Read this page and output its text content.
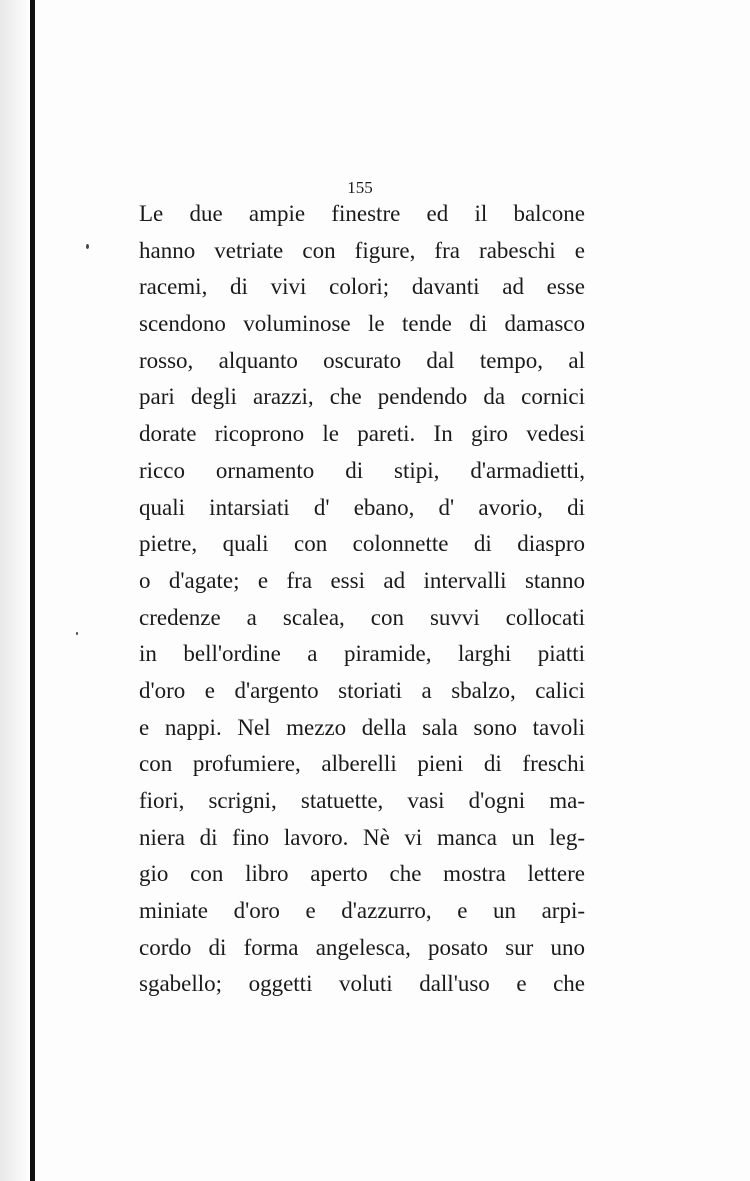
155
Le due ampie finestre ed il balcone
hanno vetriate con figure, fra rabeschi e
racemi, di vivi colori; davanti ad esse
scendono voluminose le tende di damasco
rosso, alquanto oscurato dal tempo, al
pari degli arazzi, che pendendo da cornici
dorate ricoprono le pareti. In giro vedesi
ricco ornamento di stipi, d'armadietti,
quali intarsiati d' ebano, d' avorio, di
pietre, quali con colonnette di diaspro
o d'agate; e fra essi ad intervalli stanno
credenze a scalea, con suvvi collocati
in bell'ordine a piramide, larghi piatti
d'oro e d'argento storiati a sbalzo, calici
e nappi. Nel mezzo della sala sono tavoli
con profumiere, alberelli pieni di freschi
fiori, scrigni, statuette, vasi d'ogni ma-
niera di fino lavoro. Nè vi manca un leg-
gio con libro aperto che mostra lettere
miniate d'oro e d'azzurro, e un arpi-
cordo di forma angelesca, posato sur uno
sgabello; oggetti voluti dall'uso e che
